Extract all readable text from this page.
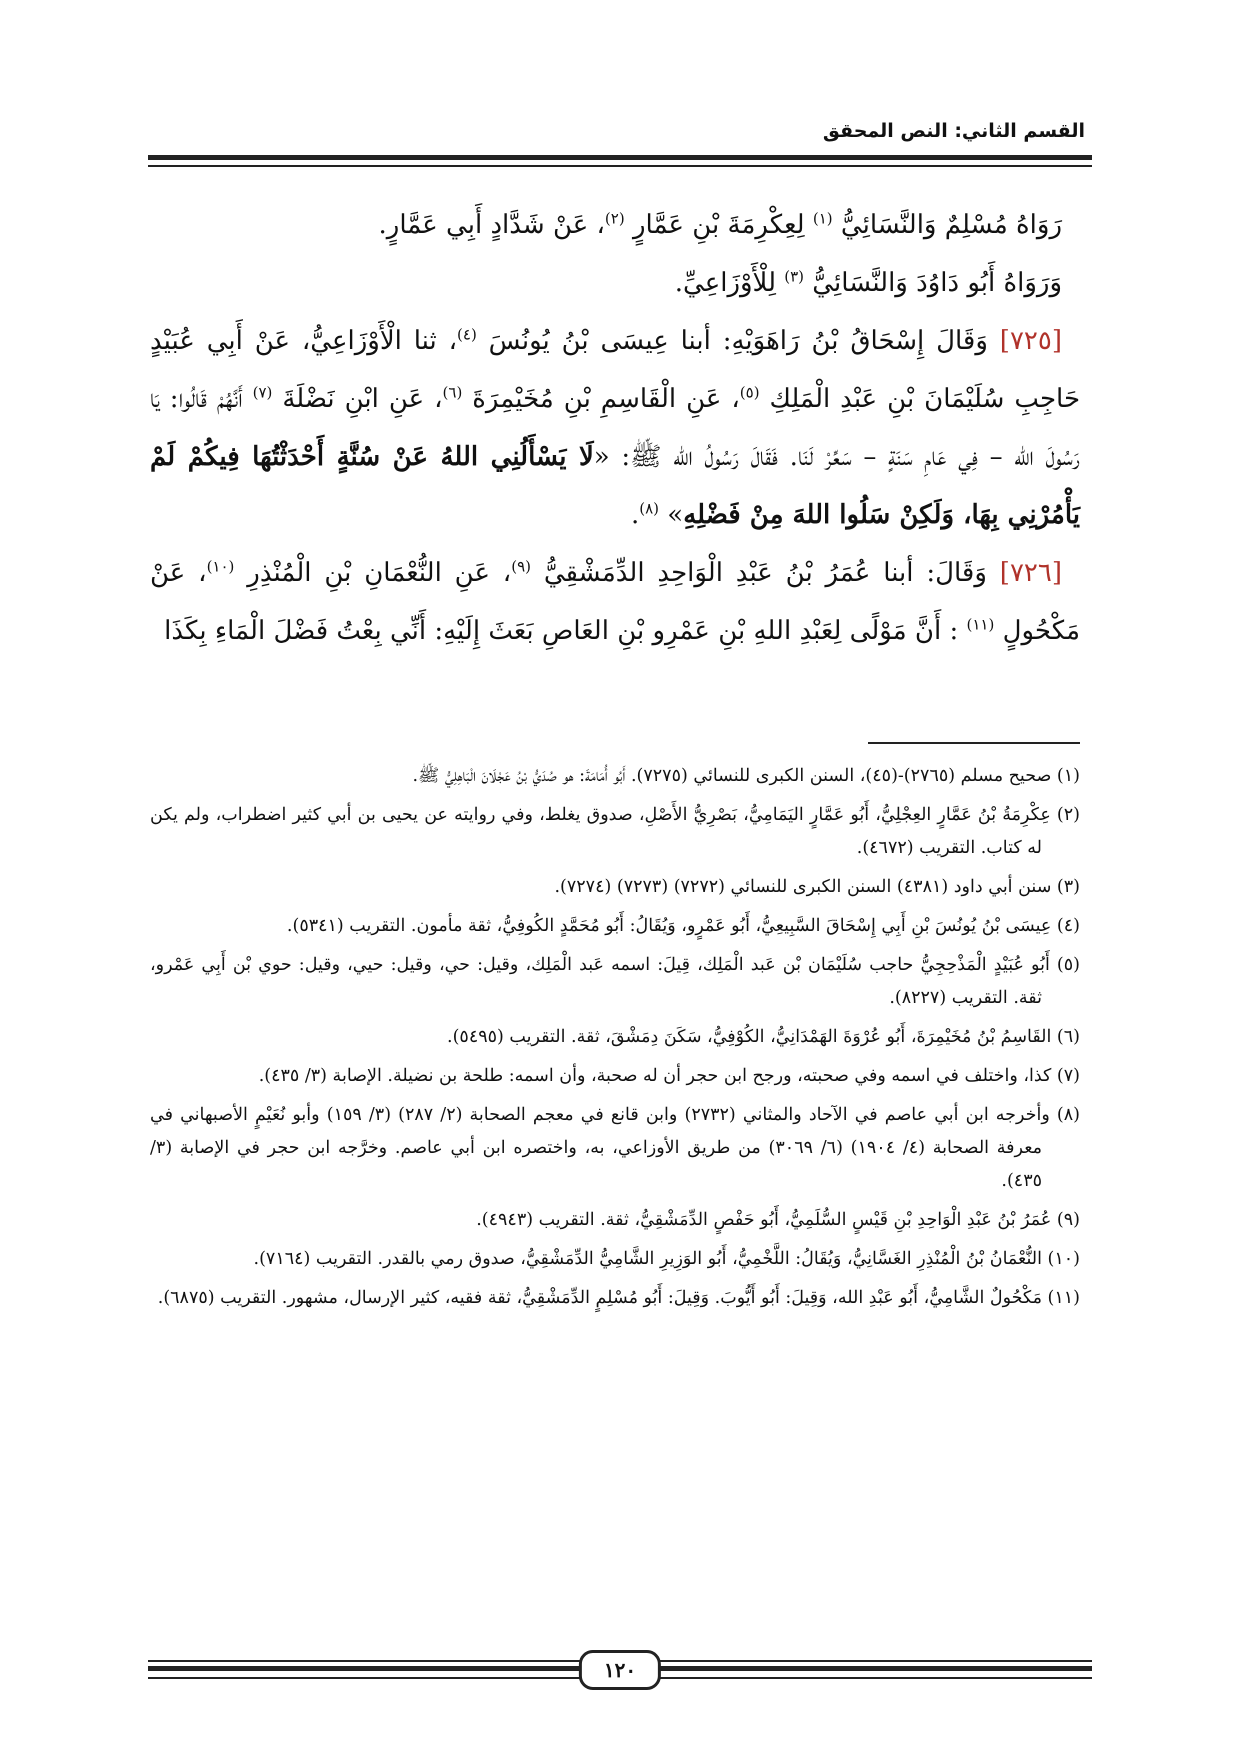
القسم الثاني: النص المحقق

رَوَاهُ مُسْلِمٌ وَالنَّسَائِيُّ $^{(١)}$ لِعِكْرِمَةَ بْنِ عَمَّارٍ $^{(٢)}$، عَنْ شَدَّادٍ أَبِي عَمَّارٍ.

وَرَوَاهُ أَبُو دَاوُدَ وَالنَّسَائِيُّ $^{(٣)}$ لِلْأَوْزَاعِيِّ.

[٧٢٥] وَقَالَ إِسْحَاقُ بْنُ رَاهَوَيْهِ: أبنا عِيسَى بْنُ يُونُسَ $^{(٤)}$، ثنا الْأَوْزَاعِيُّ، عَنْ أَبِي عُبَيْدٍ حَاجِبِ سُلَيْمَانَ بْنِ عَبْدِ الْمَلِكِ $^{(٥)}$، عَنِ الْقَاسِمِ بْنِ مُخَيْمِرَةَ $^{(٦)}$، عَنِ ابْنِ نَضْلَةَ $^{(٧)}$ أَنَّهُمْ قَالُوا: يَا رَسُولَ الله – فِي عَامِ سَنَةٍ – سَعِّرْ لَنَا. فَقَالَ رَسُولُ الله ﷺ: «لَا يَسْأَلُنِي اللهُ عَنْ سُنَّةٍ أَحْدَثْتُهَا فِيكُمْ لَمْ يَأْمُرْنِي بِهَا، وَلَكِنْ سَلُوا اللهَ مِنْ فَضْلِهِ» $^{(٨)}$.

[٧٢٦] وَقَالَ: أبنا عُمَرُ بْنُ عَبْدِ الْوَاحِدِ الدِّمَشْقِيُّ $^{(٩)}$، عَنِ النُّعْمَانِ بْنِ الْمُنْذِرِ $^{(١٠)}$، عَنْ مَكْحُولٍ $^{(١١)}$ : أَنَّ مَوْلًى لِعَبْدِ اللهِ بْنِ عَمْرِو بْنِ العَاصِ بَعَثَ إِلَيْهِ: أَنِّي بِعْتُ فَضْلَ الْمَاءِ بِكَذَا

(١) صحيح مسلم (٢٧٦٥)-(٤٥)، السنن الكبرى للنسائي (٧٢٧٥). أَبُو أُمَامَةَ: هو صُدَيُّ بْنُ عَجْلَانَ الْبَاهِلِيُّ ﷺ.

(٢) عِكْرِمَةُ بْنُ عَمَّارٍ العِجْلِيُّ، أَبُو عَمَّارٍ اليَمَامِيُّ، بَصْرِيُّ الأَصْلِ، صدوق يغلط، وفي روايته عن يحيى بن أبي كثير اضطراب، ولم يكن له كتاب. التقريب (٤٦٧٢).

(٣) سنن أبي داود (٤٣٨١) السنن الكبرى للنسائي (٧٢٧٢) (٧٢٧٣) (٧٢٧٤).

(٤) عِيسَى بْنُ يُونُسَ بْنِ أَبِي إِسْحَاقَ السَّبِيعِيُّ، أَبُو عَمْرٍو، وَيُقَالُ: أَبُو مُحَمَّدٍ الكُوفِيُّ، ثقة مأمون. التقريب (٥٣٤١).

(٥) أَبُو عُبَيْدٍ الْمَذْحِجِيُّ حاجب سُلَيْمَان بْن عَبد الْمَلِك، قِيلَ: اسمه عَبد الْمَلِك، وقيل: حي، وقيل: حيي، وقيل: حوي بْن أَبِي عَمْرو، ثقة. التقريب (٨٢٢٧).

(٦) القَاسِمُ بْنُ مُخَيْمِرَةَ، أَبُو عُرْوَةَ الهَمْدَانِيُّ، الكُوْفِيُّ، سَكَنَ دِمَشْقَ، ثقة. التقريب (٥٤٩٥).

(٧) كذا، واختلف في اسمه وفي صحبته، ورجح ابن حجر أن له صحبة، وأن اسمه: طلحة بن نضيلة. الإصابة (٣/ ٤٣٥).

(٨) وأخرجه ابن أبي عاصم في الآحاد والمثاني (٢٧٣٢) وابن قانع في معجم الصحابة (٢/ ٢٨٧) (٣/ ١٥٩) وأبو نُعَيْمٍ الأصبهاني في معرفة الصحابة (٤/ ١٩٠٤) (٦/ ٣٠٦٩) من طريق الأوزاعي، به، واختصره ابن أبي عاصم. وخرَّجه ابن حجر في الإصابة (٣/ ٤٣٥).

(٩) عُمَرُ بْنُ عَبْدِ الْوَاحِدِ بْنِ قَيْسٍ السُّلَمِيُّ، أَبُو حَفْصٍ الدِّمَشْقِيُّ، ثقة. التقريب (٤٩٤٣).

(١٠) النُّعْمَانُ بْنُ الْمُنْذِرِ الغَسَّانِيُّ، وَيُقَالُ: اللَّخْمِيُّ، أَبُو الوَزِيرِ الشَّامِيُّ الدِّمَشْقِيُّ، صدوق رمي بالقدر. التقريب (٧١٦٤).

(١١) مَكْحُولٌ الشَّامِيُّ، أَبُو عَبْدِ الله، وَقِيلَ: أَبُو أَيُّوبَ. وَقِيلَ: أَبُو مُسْلِمٍ الدِّمَشْقِيُّ، ثقة فقيه، كثير الإرسال، مشهور. التقريب (٦٨٧٥).

١٢٠
